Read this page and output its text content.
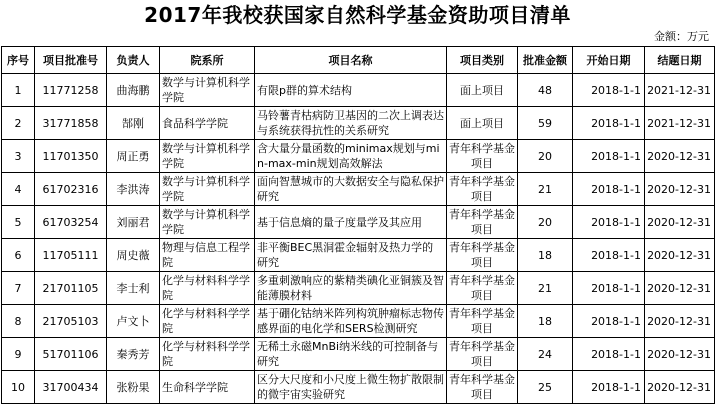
2017年我校获国家自然科学基金资助项目清单
金额：万元
序号	项目批准号	负责人	院系所	项目名称	项目类别	批准金额	开始日期	结题日期
1	11771258	曲海鹏	数学与计算机科学学院	有限p群的算术结构	面上项目	48	2018-1-1	2021-12-31
2	31771858	郜刚	食品科学学院	马铃薯青枯病防卫基因的二次上调表达与系统获得抗性的关系研究	面上项目	59	2018-1-1	2021-12-31
3	11701350	周正勇	数学与计算机科学学院	含大量分量函数的minimax规划与min-max-min规划高效解法	青年科学基金项目	20	2018-1-1	2020-12-31
4	61702316	李洪涛	数学与计算机科学学院	面向智慧城市的大数据安全与隐私保护研究	青年科学基金项目	21	2018-1-1	2020-12-31
5	61703254	刘丽君	数学与计算机科学学院	基于信息熵的量子度量学及其应用	青年科学基金项目	20	2018-1-1	2020-12-31
6	11705111	周史薇	物理与信息工程学院	非平衡BEC黑洞霍金辐射及热力学的研究	青年科学基金项目	18	2018-1-1	2020-12-31
7	21701105	李士利	化学与材料科学学院	多重刺激响应的紫精类碘化亚铜簇及智能薄膜材料	青年科学基金项目	21	2018-1-1	2020-12-31
8	21705103	卢文卜	化学与材料科学学院	基于硼化钴纳米阵列构筑肿瘤标志物传感界面的电化学和SERS检测研究	青年科学基金项目	18	2018-1-1	2020-12-31
9	51701106	秦秀芳	化学与材料科学学院	无稀土永磁MnBi纳米线的可控制备与研究	青年科学基金项目	24	2018-1-1	2020-12-31
10	31700434	张粉果	生命科学学院	区分大尺度和小尺度上微生物扩散限制的微宇宙实验研究	青年科学基金项目	25	2018-1-1	2020-12-31
